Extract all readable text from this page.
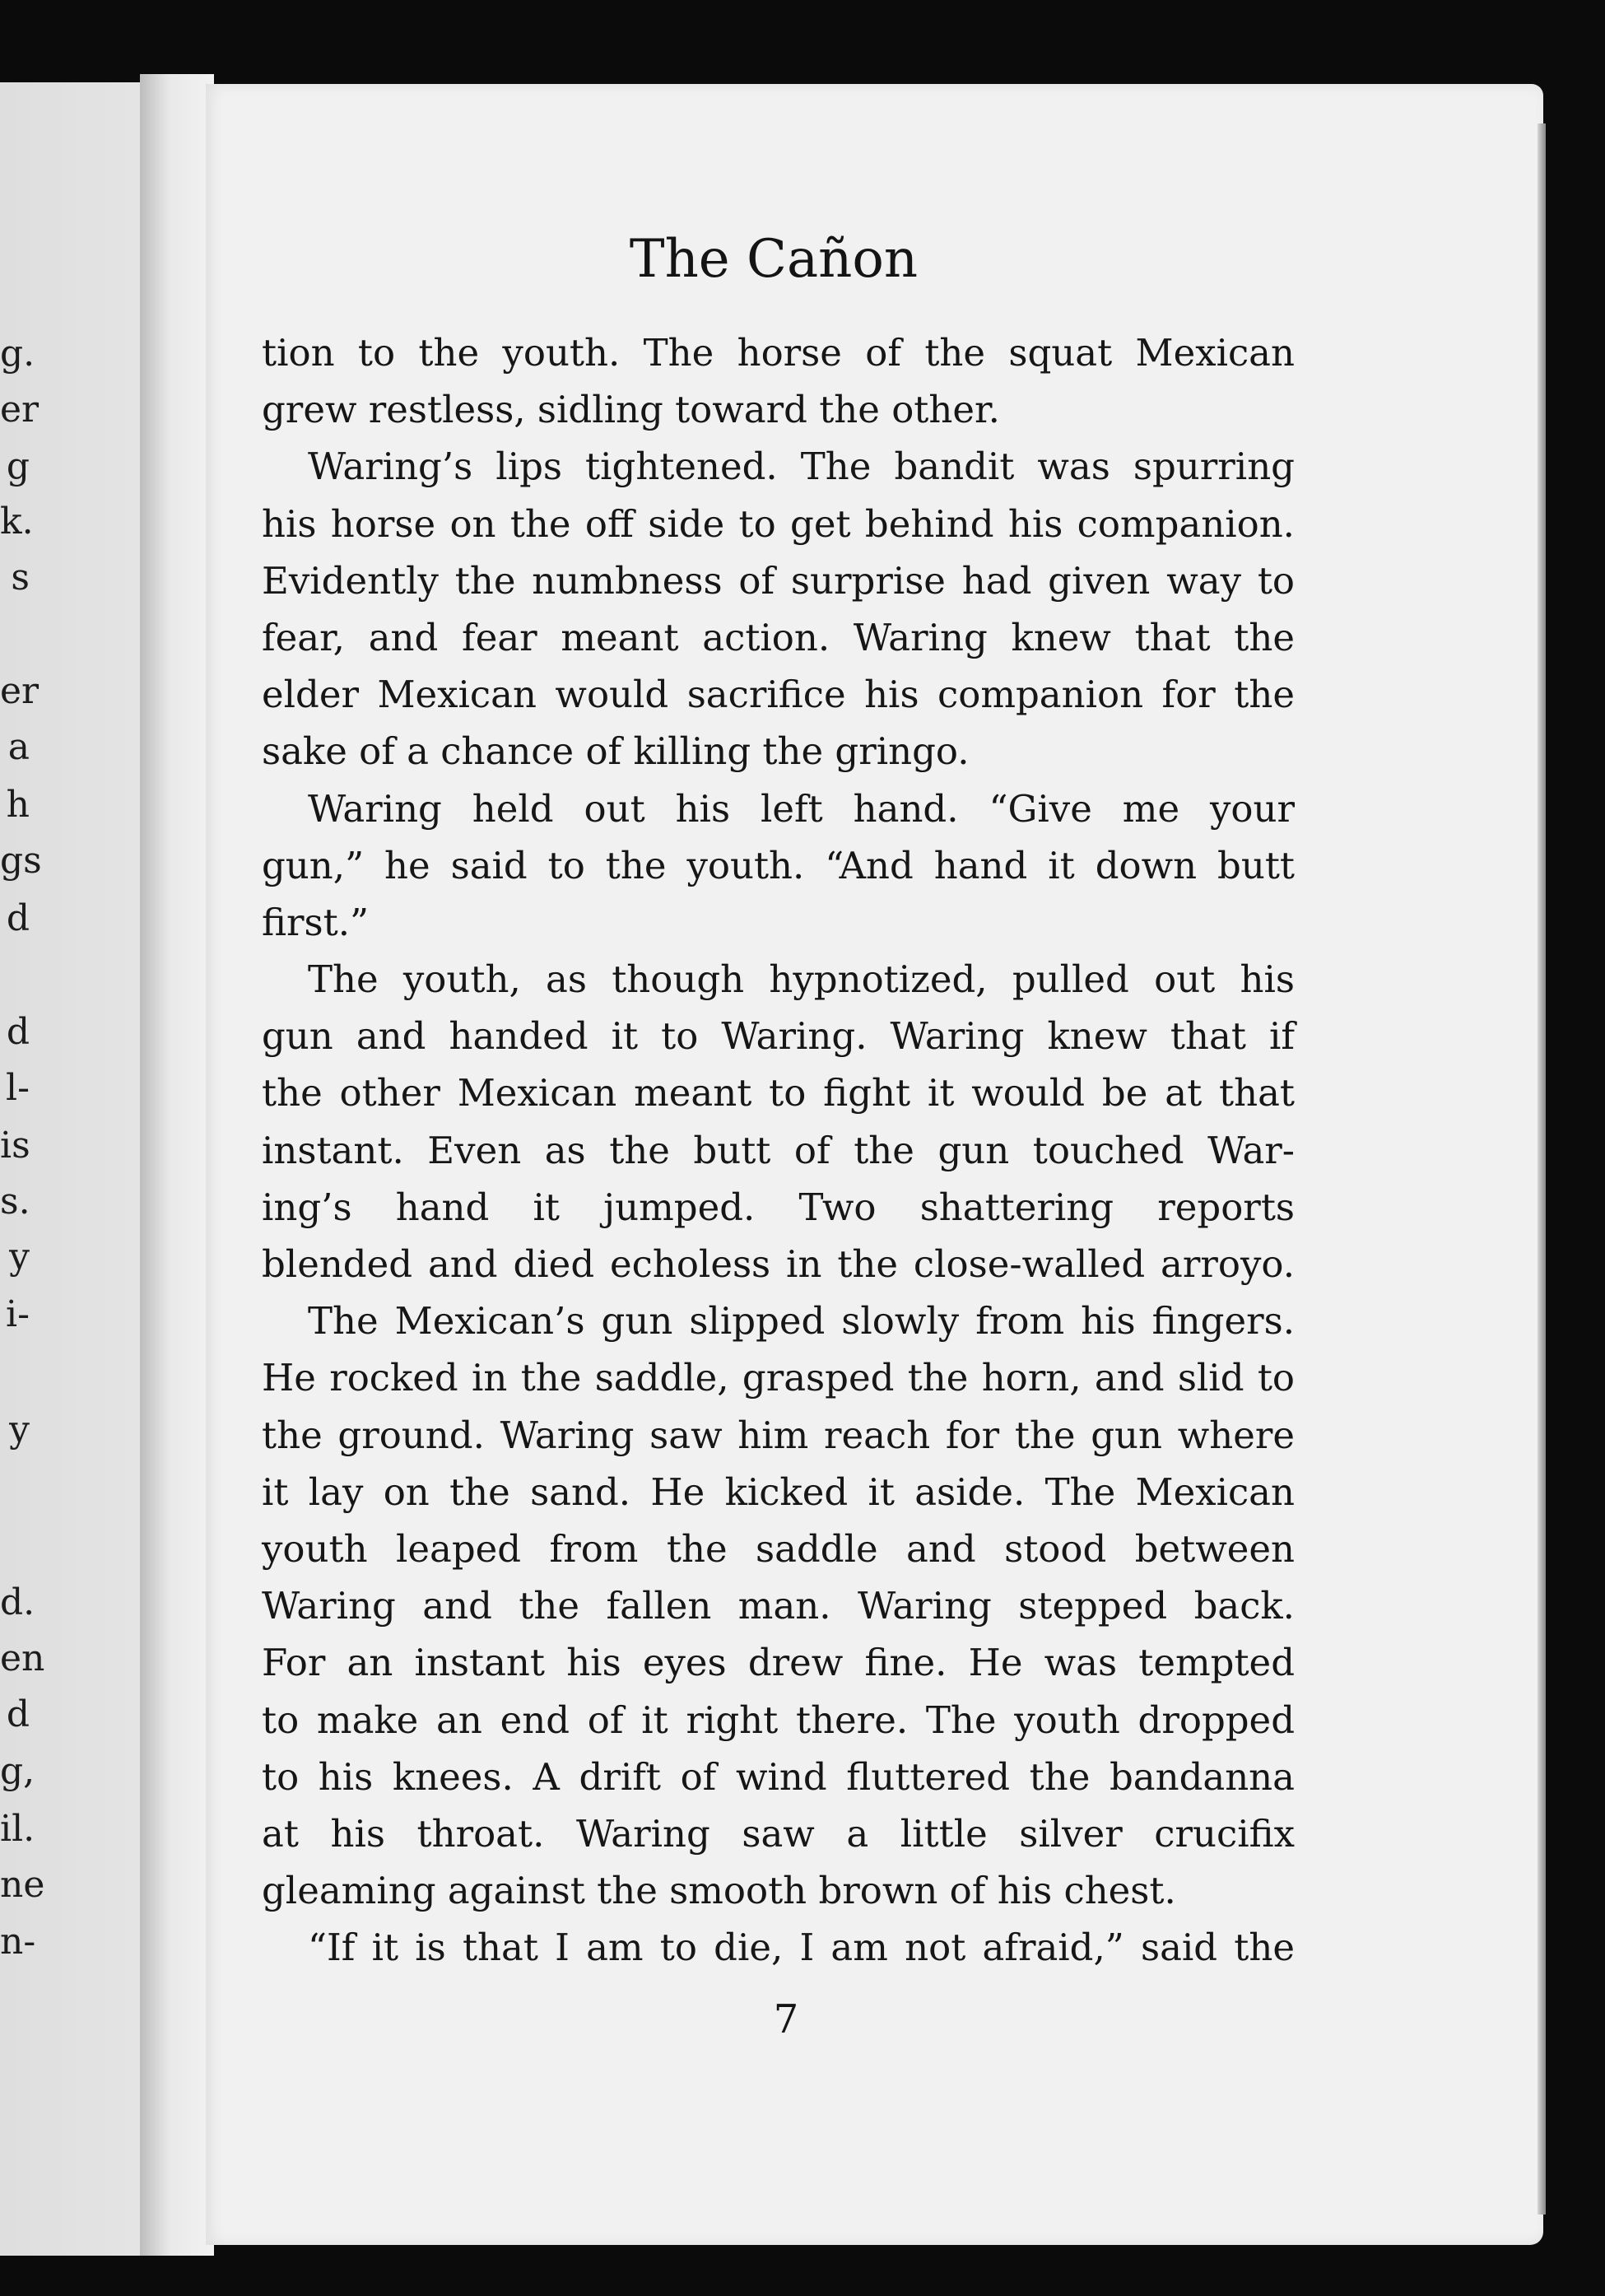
g.
er
g
k.
s
er
a
h
gs
d
d
l-
is
s.
y
i-
y
d.
en
d
g,
il.
ne
n-
The Cañon
tion to the youth. The horse of the squat Mexican
grew restless, sidling toward the other.
Waring’s lips tightened. The bandit was spurring
his horse on the off side to get behind his companion.
Evidently the numbness of surprise had given way to
fear, and fear meant action. Waring knew that the
elder Mexican would sacrifice his companion for the
sake of a chance of killing the gringo.
Waring held out his left hand. “Give me your
gun,” he said to the youth. “And hand it down butt
first.”
The youth, as though hypnotized, pulled out his
gun and handed it to Waring. Waring knew that if
the other Mexican meant to fight it would be at that
instant. Even as the butt of the gun touched War-
ing’s hand it jumped. Two shattering reports
blended and died echoless in the close-walled arroyo.
The Mexican’s gun slipped slowly from his fingers.
He rocked in the saddle, grasped the horn, and slid to
the ground. Waring saw him reach for the gun where
it lay on the sand. He kicked it aside. The Mexican
youth leaped from the saddle and stood between
Waring and the fallen man. Waring stepped back.
For an instant his eyes drew fine. He was tempted
to make an end of it right there. The youth dropped
to his knees. A drift of wind fluttered the bandanna
at his throat. Waring saw a little silver crucifix
gleaming against the smooth brown of his chest.
“If it is that I am to die, I am not afraid,” said the
7
